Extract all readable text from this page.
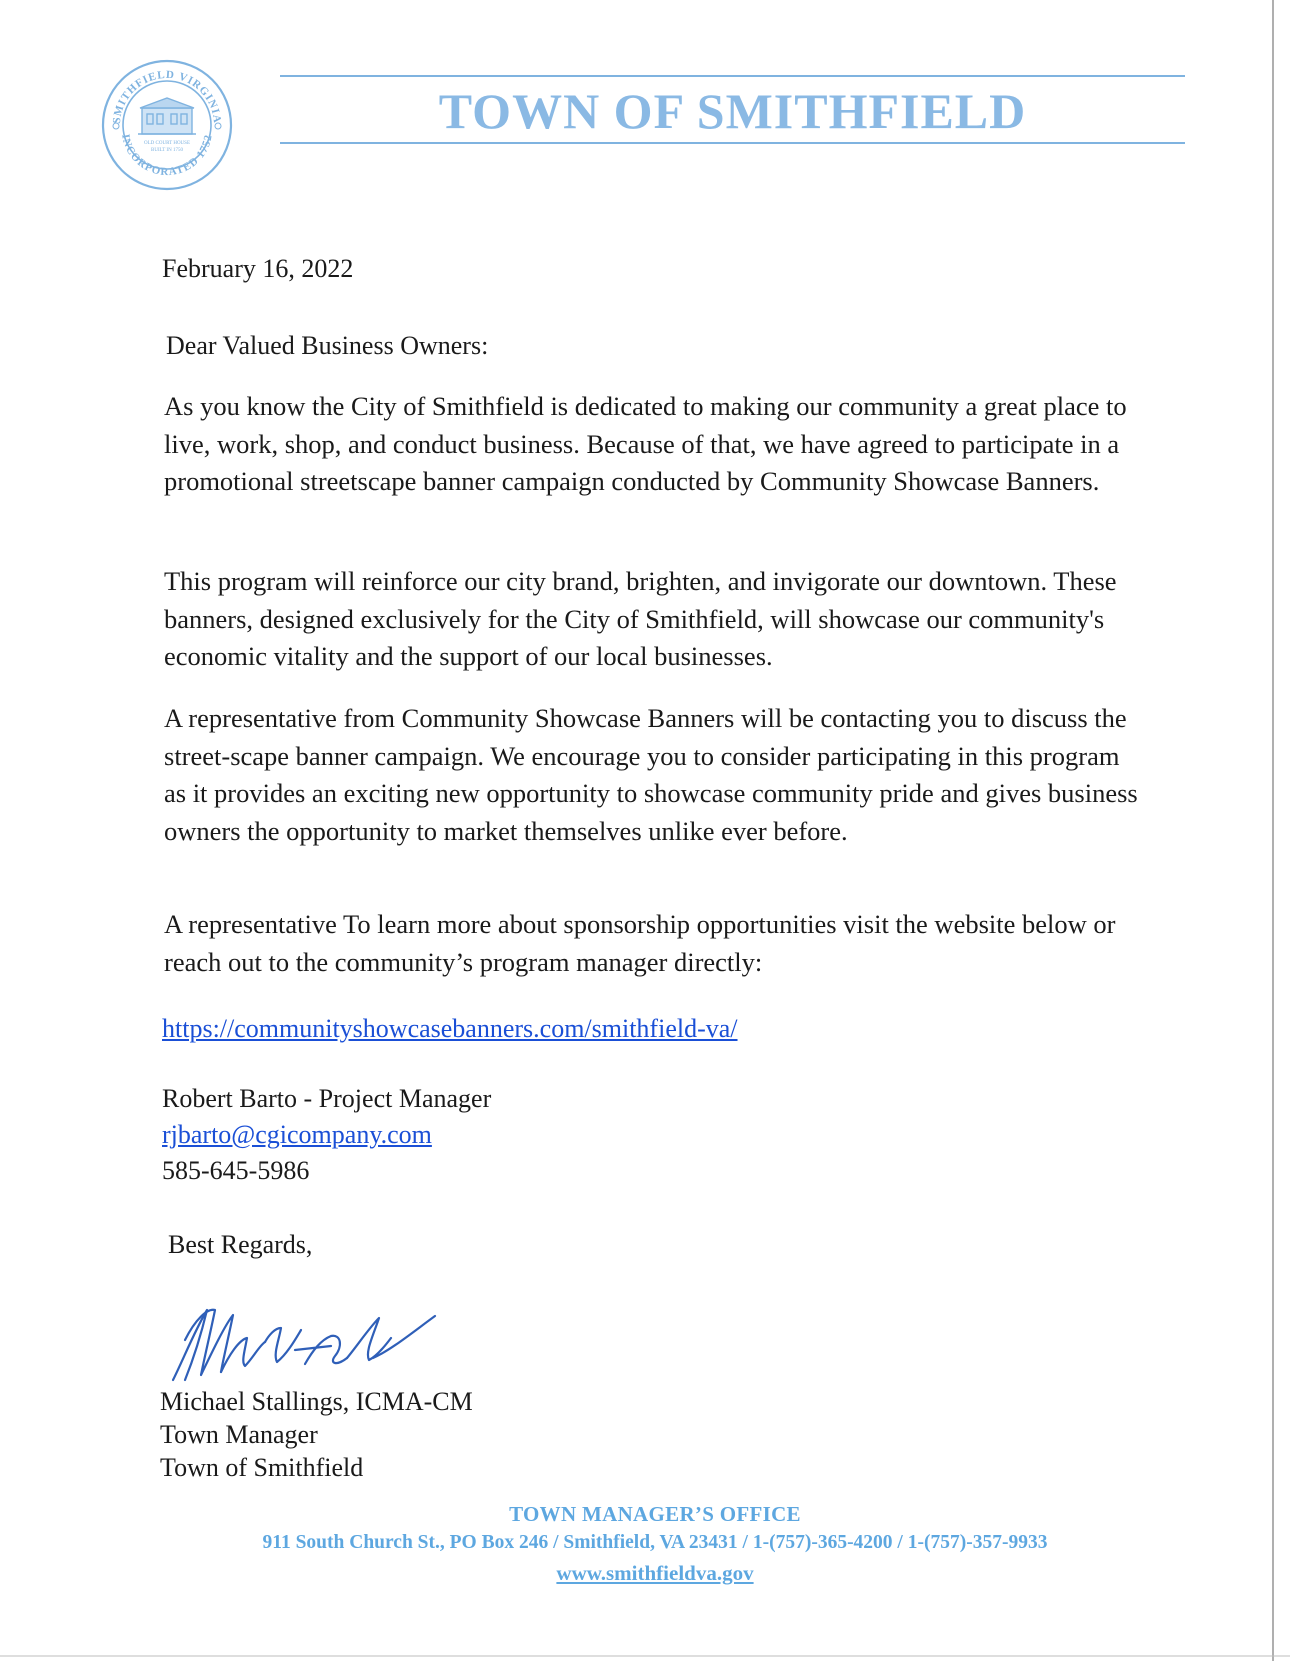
SMITHFIELD VIRGINIA
INCORPORATED 1752
OLD COURT HOUSE
BUILT IN 1750
TOWN OF SMITHFIELD
February 16, 2022
Dear Valued Business Owners:

As you know the City of Smithfield is dedicated to making our community a great place to live, work, shop, and conduct business. Because of that, we have agreed to participate in a promotional streetscape banner campaign conducted by Community Showcase Banners.

This program will reinforce our city brand, brighten, and invigorate our downtown. These banners, designed exclusively for the City of Smithfield, will showcase our community's economic vitality and the support of our local businesses.

A representative from Community Showcase Banners will be contacting you to discuss the street-scape banner campaign. We encourage you to consider participating in this program as it provides an exciting new opportunity to showcase community pride and gives business owners the opportunity to market themselves unlike ever before.

A representative To learn more about sponsorship opportunities visit the website below or reach out to the community’s program manager directly:

https://communityshowcasebanners.com/smithfield-va/
Robert Barto - Project Manager
rjbarto@cgicompany.com
585-645-5986
Best Regards,
Michael Stallings, ICMA-CM
Town Manager
Town of Smithfield
TOWN MANAGER’S OFFICE
911 South Church St., PO Box 246 / Smithfield, VA 23431 / 1-(757)-365-4200 / 1-(757)-357-9933
www.smithfieldva.gov
